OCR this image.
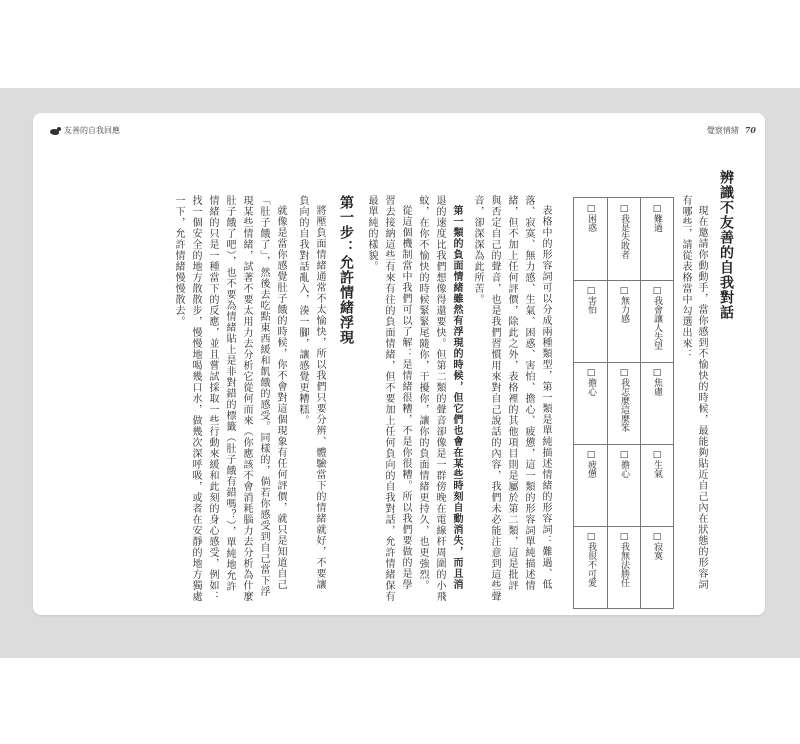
友善的自我回應	覺察情緒 70
辨識不友善的自我對話
現在邀請你動動手，當你感到不愉快的時候，最能夠貼近自己內在狀態的形容詞
有哪些，請從表格當中勾選出來：
□難過
□我會讓人失望
□焦慮
□生氣
□寂寞
□我是失敗者
□無力感
□我怎麼這麼笨
□擔心
□我無法勝任
□困惑
□害怕
□擔心
□疲憊
□我很不可愛
表格中的形容詞可以分成兩種類型，第一類是單純描述情緒的形容詞：難過、低
落、寂寞、無力感、生氣、困惑、害怕、擔心、疲憊，這一類的形容詞單純描述情
緒，但不加上任何評價，除此之外，表格裡的其他項目則是屬於第二類，這是批評
與否定自己的聲音，也是我們習慣用來對自己說話的內容，我們未必能注意到這些聲
音，卻深深為此所苦。
第一類的負面情緒雖然有浮現的時候，但它們也會在某些時刻自動消失，而且消
退的速度比我們想像得還要快。但第二類的聲音卻像是一群傍晚在電線杆周圍的小飛
蚊，在你不愉快的時候緊緊尾隨你，干擾你，讓你的負面情緒更持久，也更強烈。
從這個機制當中我們可以了解：是情緒很糟，不是你很糟。所以我們要做的是學
習去接納這些有來有往的負面情緒，但不要加上任何負向的自我對話，允許情緒保有
最單純的樣貌。
第一步：允許情緒浮現
將壓負面情緒通常不太愉快，所以我們只要分辨、體驗當下的情緒就好，不要讓
負向的自我對話亂入，湊一腳，讓感覺更糟糕。
就像是當你感覺肚子餓的時候，你不會對這個現象有任何評價，就只是知道自己
「肚子餓了」，然後去吃點東西緩和飢餓的感受。同樣的，倘若你感受到自己當下浮
現某些情緒，試著不要太用力去分析它從何而來（你應該不會消耗腦力去分析為什麼
肚子餓了吧），也不要為情緒貼上是非對錯的標籤（肚子餓有錯嗎？），單純地允許
情緒的只是一種當下的反應，並且嘗試採取一些行動來緩和此刻的身心感受，例如：
找一個安全的地方散散步，慢慢地喝幾口水，做幾次深呼吸，或者在安靜的地方獨處
一下，允許情緒慢慢散去。
